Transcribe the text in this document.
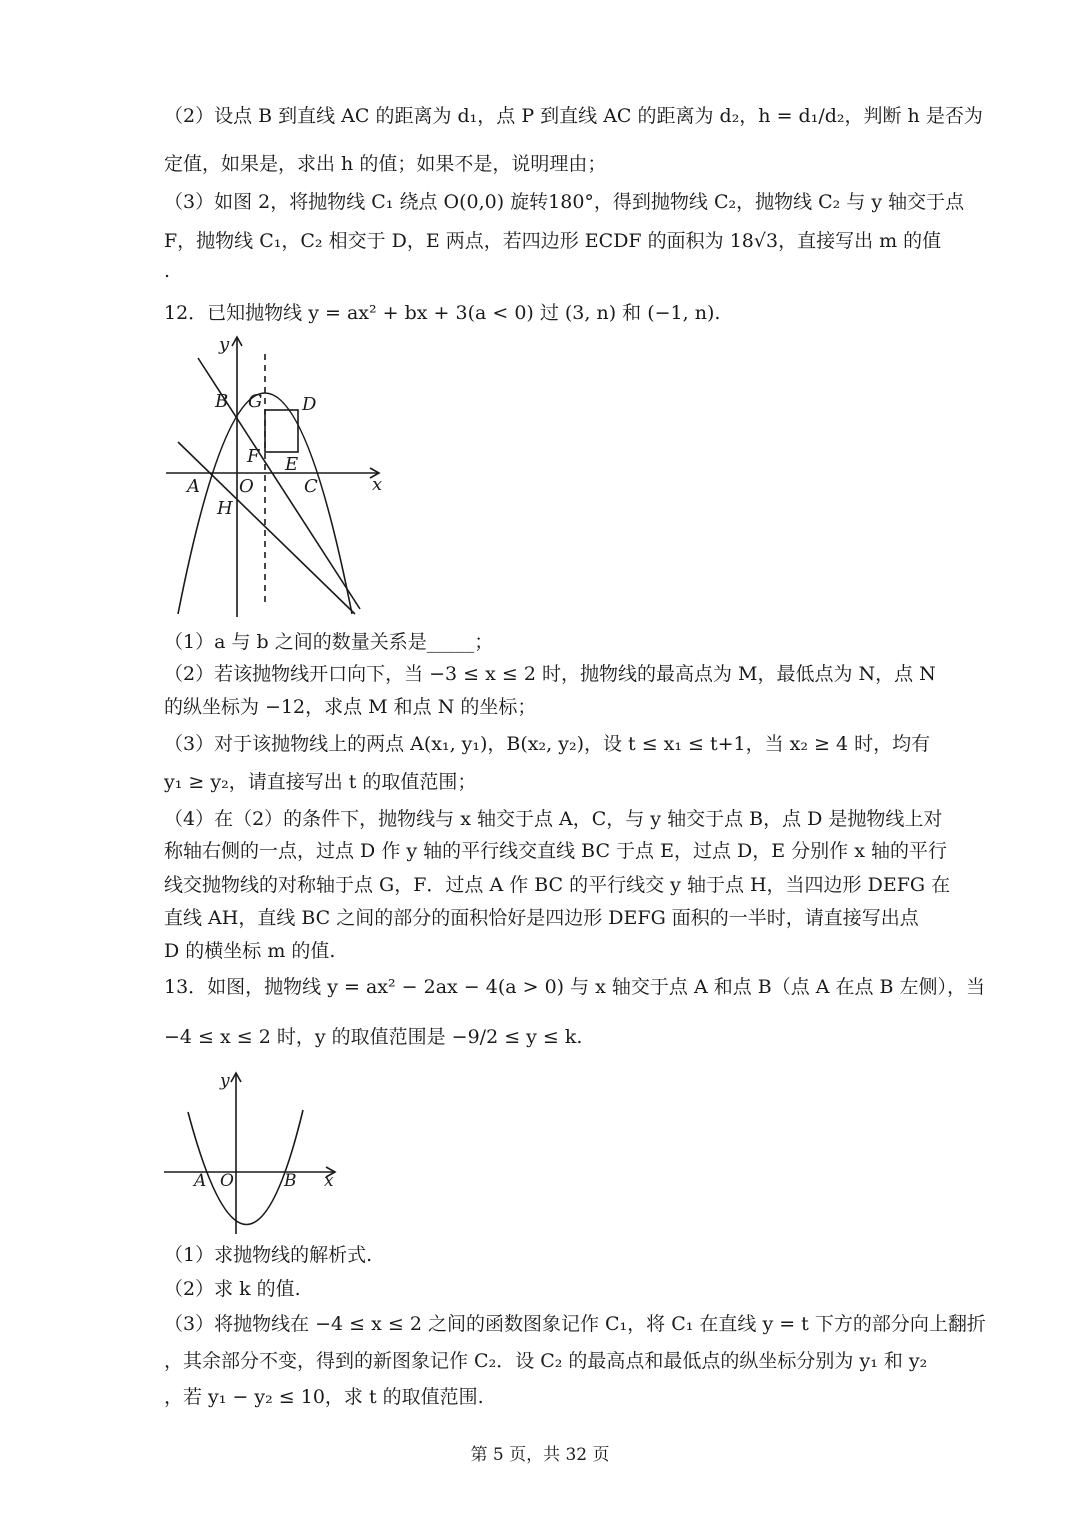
（2）设点 B 到直线 AC 的距离为 d₁，点 P 到直线 AC 的距离为 d₂，h = d₁/d₂，判断 h 是否为
定值，如果是，求出 h 的值；如果不是，说明理由；
（3）如图 2，将抛物线 C₁ 绕点 O(0,0) 旋转180°，得到抛物线 C₂，抛物线 C₂ 与 y 轴交于点
F，抛物线 C₁，C₂ 相交于 D，E 两点，若四边形 ECDF 的面积为 18√3，直接写出 m 的值
.
12．已知抛物线 y = ax² + bx + 3(a < 0) 过 (3, n) 和 (−1, n).
y
x
B G D
F E
A O	C
H
（1）a 与 b 之间的数量关系是_____；
（2）若该抛物线开口向下，当 −3 ≤ x ≤ 2 时，抛物线的最高点为 M，最低点为 N，点 N
的纵坐标为 −12，求点 M 和点 N 的坐标；
（3）对于该抛物线上的两点 A(x₁, y₁)，B(x₂, y₂)，设 t ≤ x₁ ≤ t+1，当 x₂ ≥ 4 时，均有
y₁ ≥ y₂，请直接写出 t 的取值范围；
（4）在（2）的条件下，抛物线与 x 轴交于点 A，C，与 y 轴交于点 B，点 D 是抛物线上对
称轴右侧的一点，过点 D 作 y 轴的平行线交直线 BC 于点 E，过点 D，E 分别作 x 轴的平行
线交抛物线的对称轴于点 G，F．过点 A 作 BC 的平行线交 y 轴于点 H，当四边形 DEFG 在
直线 AH，直线 BC 之间的部分的面积恰好是四边形 DEFG 面积的一半时，请直接写出点
D 的横坐标 m 的值.
13．如图，抛物线 y = ax² − 2ax − 4(a > 0) 与 x 轴交于点 A 和点 B（点 A 在点 B 左侧），当
−4 ≤ x ≤ 2 时，y 的取值范围是 −9/2 ≤ y ≤ k.
y
x
A O	B
（1）求抛物线的解析式.
（2）求 k 的值.
（3）将抛物线在 −4 ≤ x ≤ 2 之间的函数图象记作 C₁，将 C₁ 在直线 y = t 下方的部分向上翻折
，其余部分不变，得到的新图象记作 C₂．设 C₂ 的最高点和最低点的纵坐标分别为 y₁ 和 y₂
，若 y₁ − y₂ ≤ 10，求 t 的取值范围.
第 5 页，共 32 页
